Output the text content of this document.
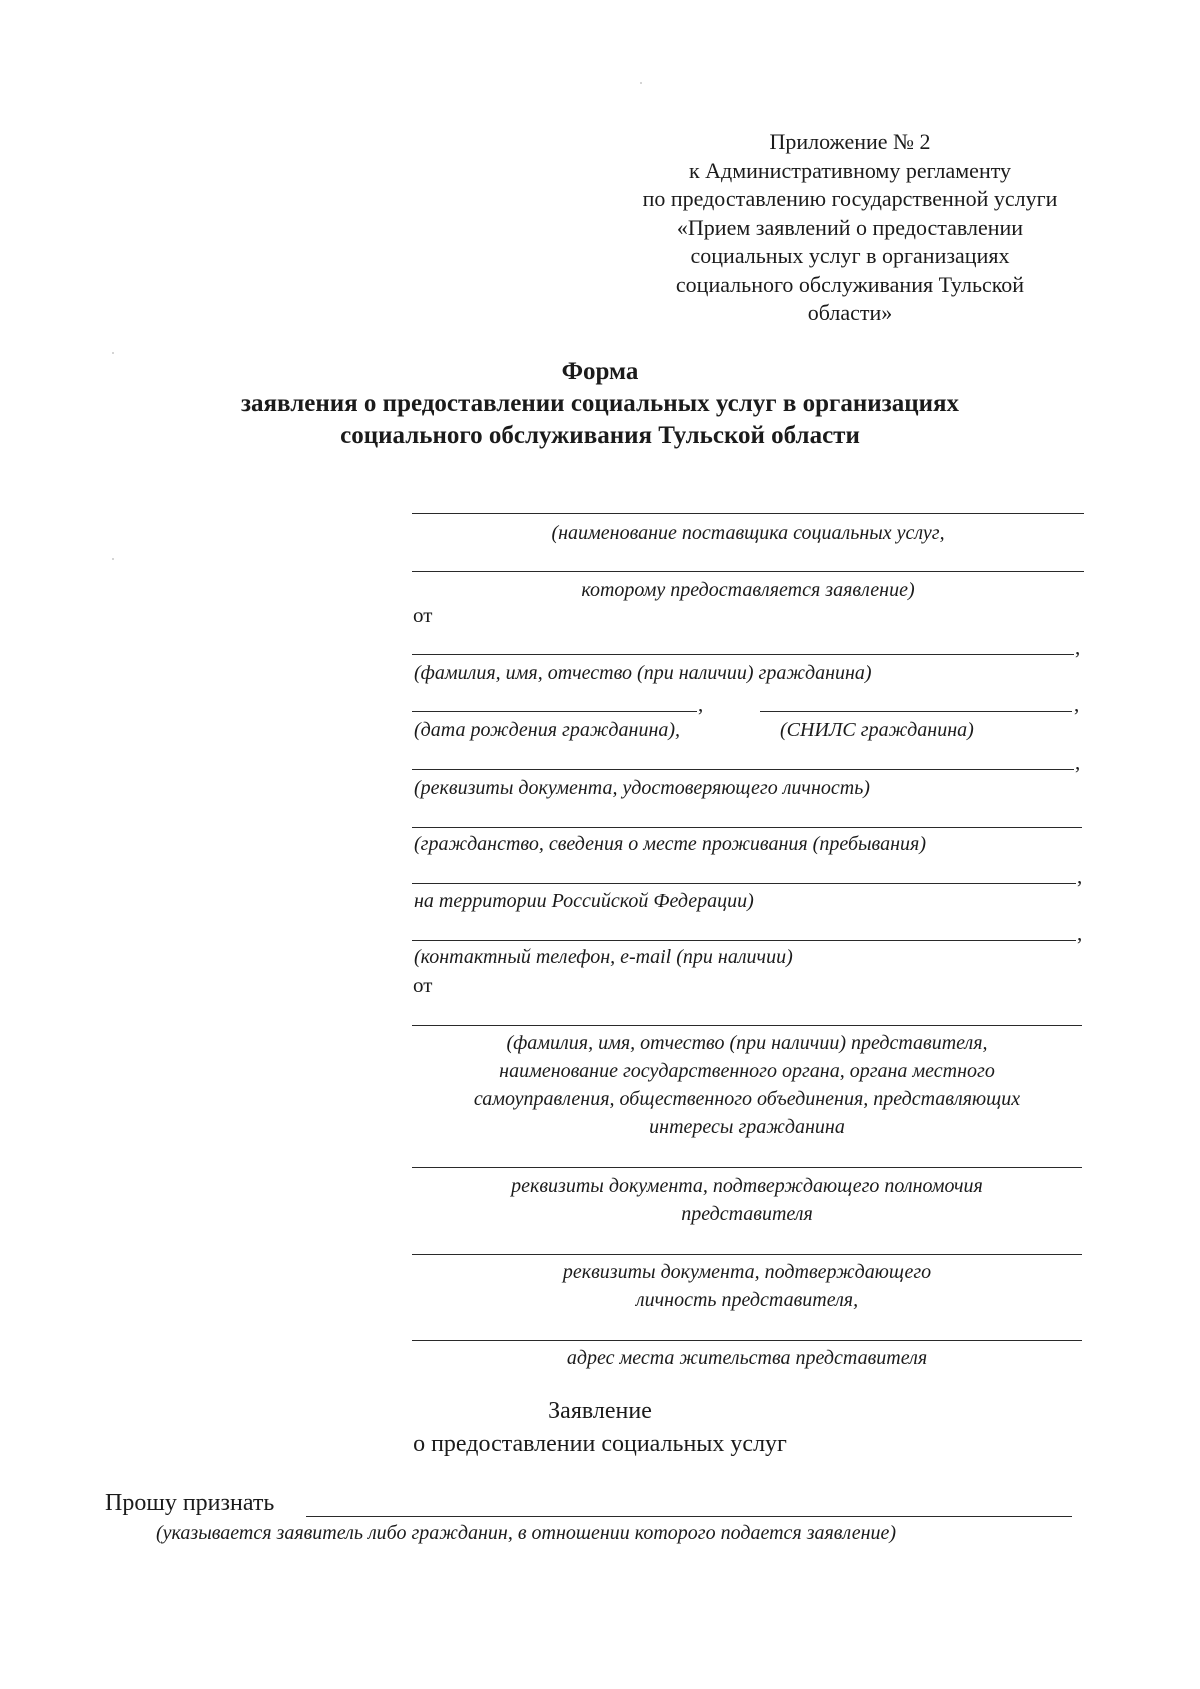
Приложение № 2
к Административному регламенту
по предоставлению государственной услуги
«Прием заявлений о предоставлении
социальных услуг в организациях
социального обслуживания Тульской
области»
Форма
заявления о предоставлении социальных услуг в организациях
социального обслуживания Тульской области
(наименование поставщика социальных услуг,
которому предоставляется заявление)
от
,
(фамилия, имя, отчество (при наличии) гражданина)
,	,
(дата рождения гражданина),	(СНИЛС гражданина)
,
(реквизиты документа, удостоверяющего личность)
(гражданство, сведения о месте проживания (пребывания)
,
на территории Российской Федерации)
,
(контактный телефон, e-mail (при наличии)
от
(фамилия, имя, отчество (при наличии) представителя,
наименование государственного органа, органа местного
самоуправления, общественного объединения, представляющих
интересы гражданина
реквизиты документа, подтверждающего полномочия
представителя
реквизиты документа, подтверждающего
личность представителя,
адрес места жительства представителя
Заявление
о предоставлении социальных услуг
Прошу признать
(указывается заявитель либо гражданин, в отношении которого подается заявление)
